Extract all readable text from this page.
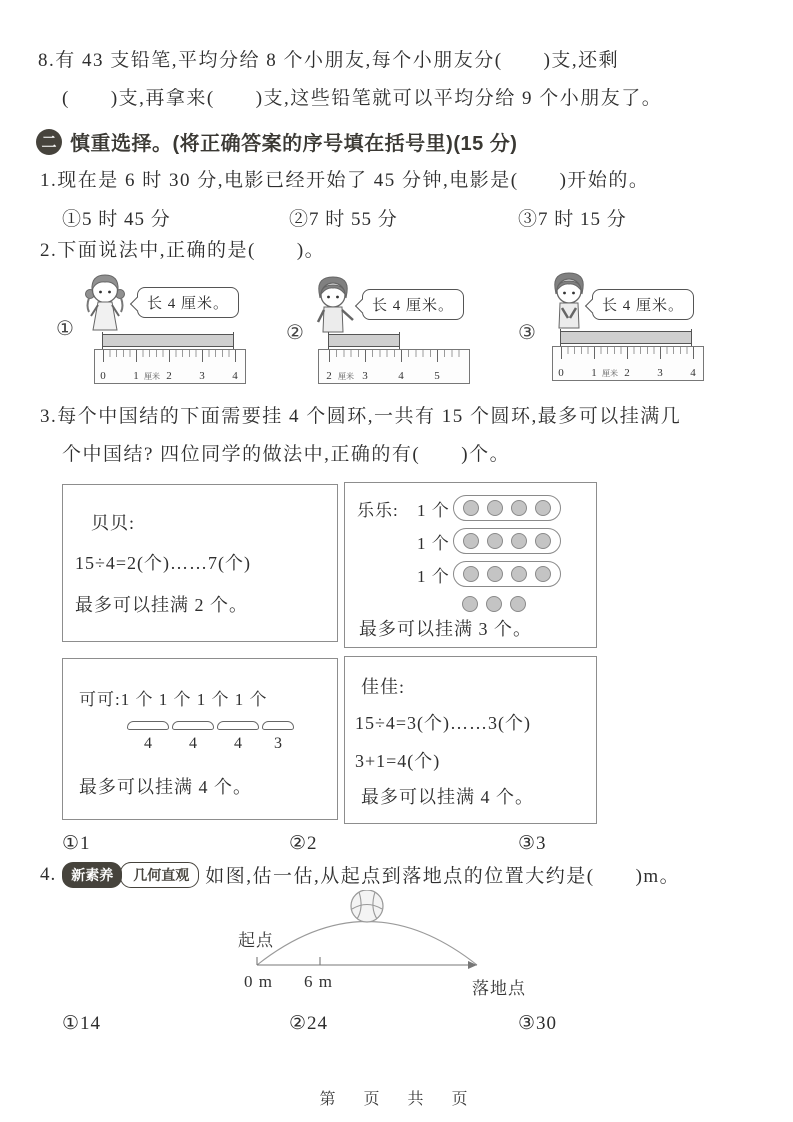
8.有 43 支铅笔,平均分给 8 个小朋友,每个小朋友分(　　)支,还剩
(　　)支,再拿来(　　)支,这些铅笔就可以平均分给 9 个小朋友了。
二 慎重选择。(将正确答案的序号填在括号里)(15 分)
1.现在是 6 时 30 分,电影已经开始了 45 分钟,电影是(　　)开始的。
①5 时 45 分	②7 时 55 分	③7 时 15 分
2.下面说法中,正确的是(　　)。
①
长 4 厘米。
0	1 厘米 2	3	4
②
长 4 厘米。
2 厘米 3	4	5
③
长 4 厘米。
0	1 厘米 2	3	4
3.每个中国结的下面需要挂 4 个圆环,一共有 15 个圆环,最多可以挂满几
个中国结? 四位同学的做法中,正确的有(　　)个。
贝贝:
15÷4=2(个)……7(个)
最多可以挂满 2 个。
乐乐:	1 个
1 个
1 个
最多可以挂满 3 个。
可可:1 个 1 个 1 个 1 个
4	4	4	3
最多可以挂满 4 个。
佳佳:
15÷4=3(个)……3(个)
3+1=4(个)
最多可以挂满 4 个。
①1	②2	③3
4.	新素养	几何直观 如图,估一估,从起点到落地点的位置大约是(　　)m。
起点
0 m 6 m	落地点
①14	②24	③30
第　页　共　页
